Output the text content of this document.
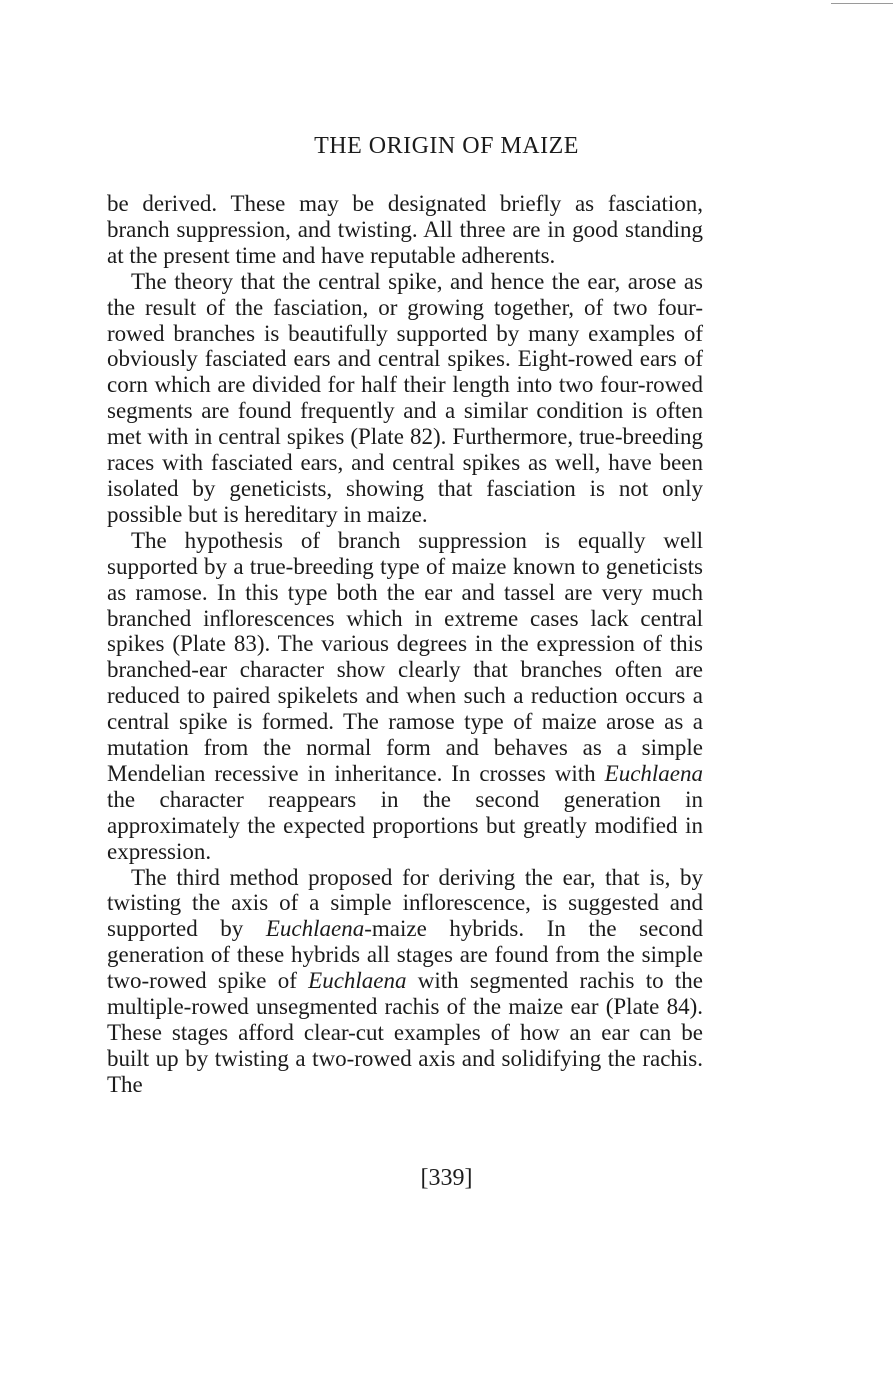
THE ORIGIN OF MAIZE

be derived. These may be designated briefly as fasciation, branch suppression, and twisting. All three are in good standing at the present time and have reputable adherents.

The theory that the central spike, and hence the ear, arose as the result of the fasciation, or growing together, of two four-rowed branches is beautifully supported by many examples of obviously fasciated ears and central spikes. Eight-rowed ears of corn which are divided for half their length into two four-rowed segments are found frequently and a similar condition is often met with in central spikes (Plate 82). Furthermore, true-breeding races with fasciated ears, and central spikes as well, have been isolated by geneticists, showing that fasciation is not only possible but is hereditary in maize.

The hypothesis of branch suppression is equally well supported by a true-breeding type of maize known to geneticists as ramose. In this type both the ear and tassel are very much branched inflorescences which in extreme cases lack central spikes (Plate 83). The various degrees in the expression of this branched-ear character show clearly that branches often are reduced to paired spikelets and when such a reduction occurs a central spike is formed. The ramose type of maize arose as a mutation from the normal form and behaves as a simple Mendelian recessive in inheritance. In crosses with Euchlaena the character reappears in the second generation in approximately the expected proportions but greatly modified in expression.

The third method proposed for deriving the ear, that is, by twisting the axis of a simple inflorescence, is suggested and supported by Euchlaena-maize hybrids. In the second generation of these hybrids all stages are found from the simple two-rowed spike of Euchlaena with segmented rachis to the multiple-rowed unsegmented rachis of the maize ear (Plate 84). These stages afford clear-cut examples of how an ear can be built up by twisting a two-rowed axis and solidifying the rachis. The

[339]
